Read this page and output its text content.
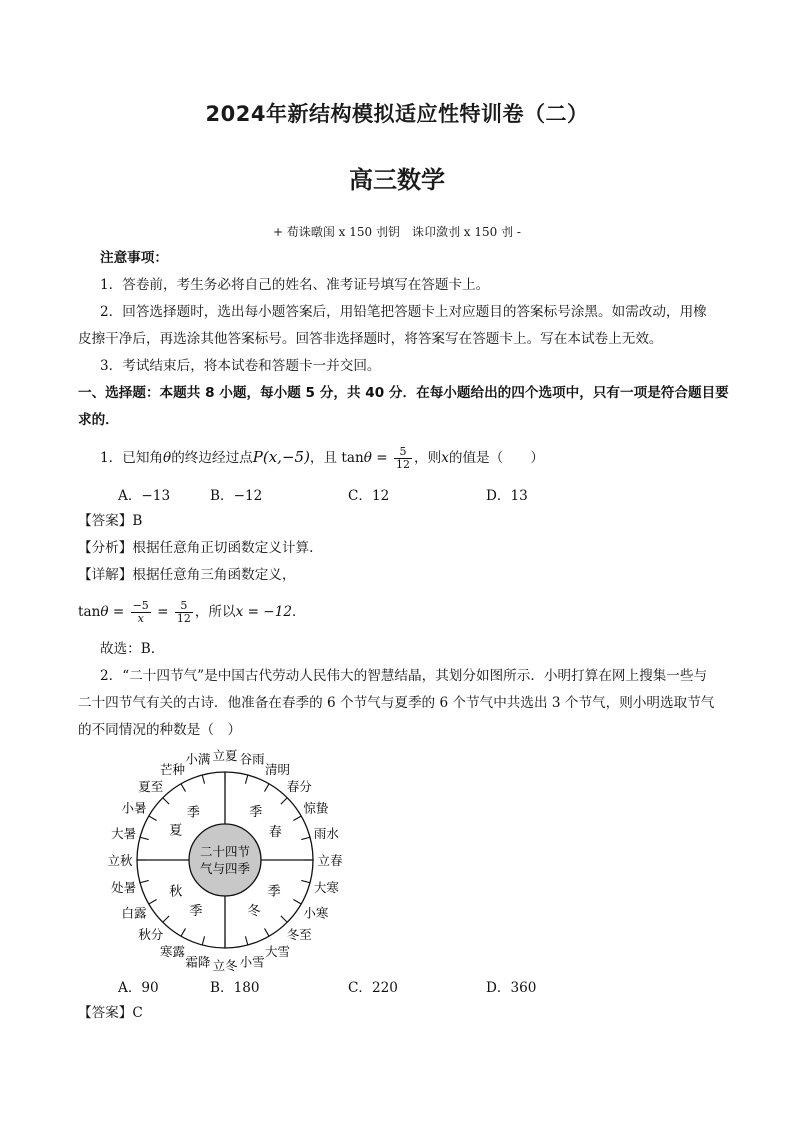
2024年新结构模拟适应性特训卷（二）
高三数学
+ 荀诛暾闺 x 150 刌钥　诛卬潋刌 x 150 刌 -
注意事项：
1．答卷前，考生务必将自己的姓名、准考证号填写在答题卡上。
2．回答选择题时，选出每小题答案后，用铅笔把答题卡上对应题目的答案标号涂黑。如需改动，用橡
皮擦干净后，再选涂其他答案标号。回答非选择题时，将答案写在答题卡上。写在本试卷上无效。
3．考试结束后，将本试卷和答题卡一并交回。
一、选择题：本题共 8 小题，每小题 5 分，共 40 分．在每小题给出的四个选项中，只有一项是符合题目要
求的．
1．已知角θ的终边经过点P(x,−5)，且 $\tan\theta = \frac{5}{12}$ ，则x的值是（　　）
A．−13	B．−12	C．12	D．13
【答案】B
【分析】根据任意角正切函数定义计算.
【详解】根据任意角三角函数定义，
$\tan\theta = \frac{-5}{x} = \frac{5}{12}$ ，所以x = −12．
故选：B.
2．“二十四节气”是中国古代劳动人民伟大的智慧结晶，其划分如图所示．小明打算在网上搜集一些与
二十四节气有关的古诗．他准备在春季的 6 个节气与夏季的 6 个节气中共选出 3 个节气，则小明选取节气
的不同情况的种数是（　）
二十四节
气与四季
春
季
夏
季
秋
季	冬
季
立春
雨水
惊蛰
春分
清明
谷雨
立夏
小满
芒种
夏至
小暑
大暑
立秋
处暑
白露
秋分
寒露
霜降 立冬 小雪
大雪
冬至
小寒
大寒
A．90	B．180	C．220	D．360
【答案】C
